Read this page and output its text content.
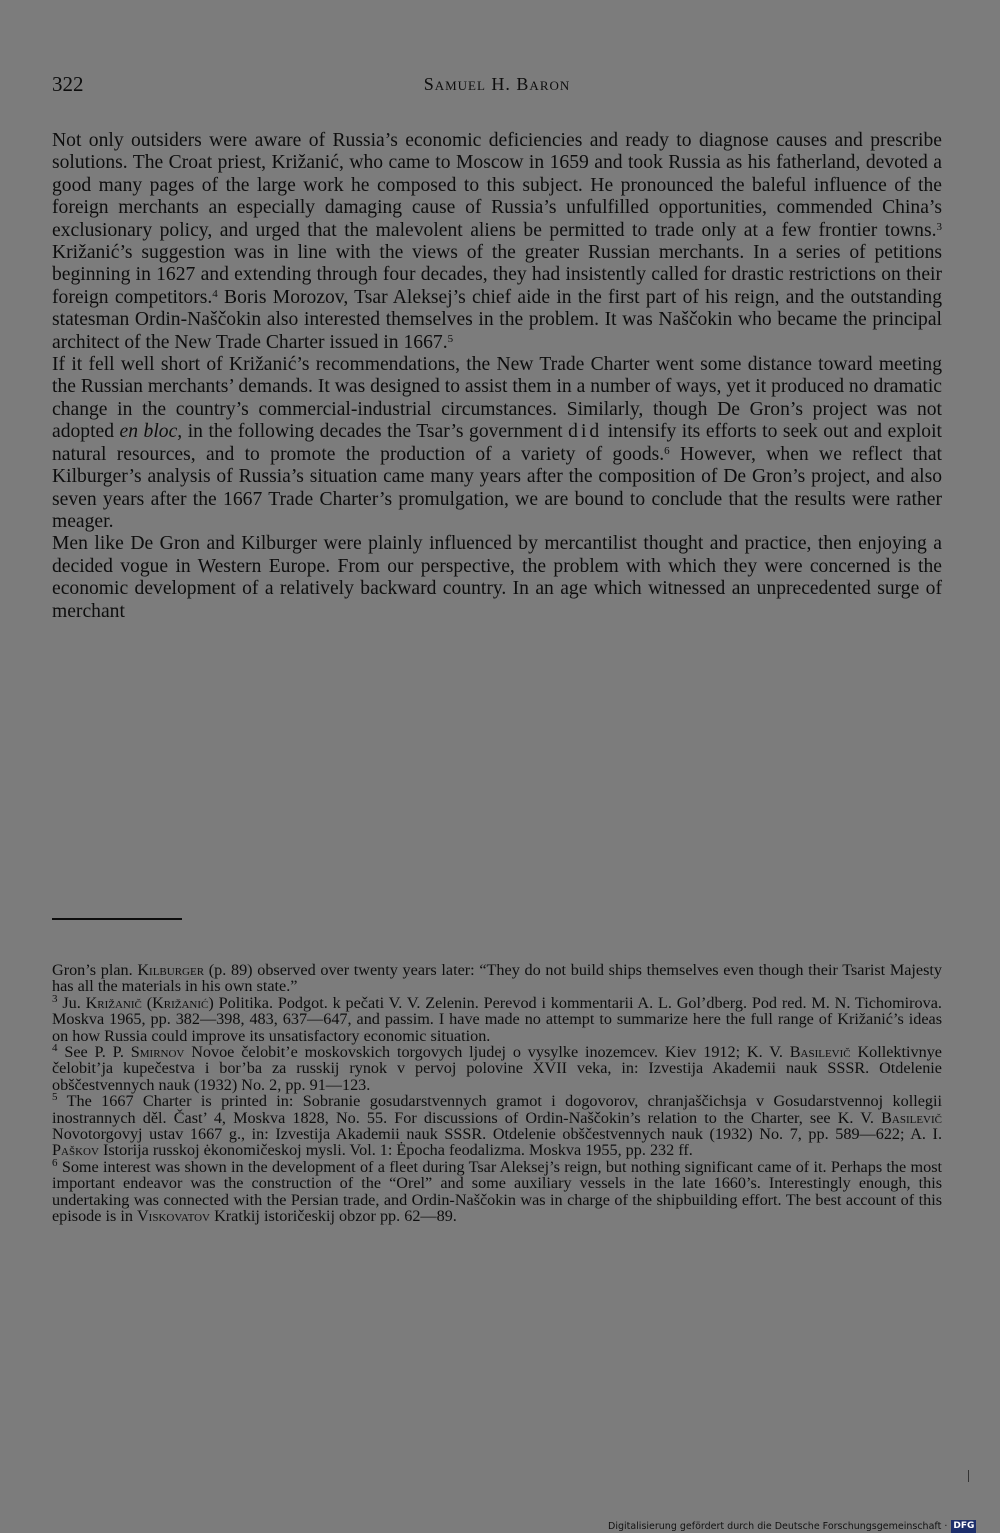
322	Samuel H. Baron

Not only outsiders were aware of Russia’s economic deficiencies and ready to diagnose causes and prescribe solutions. The Croat priest, Križanić, who came to Moscow in 1659 and took Russia as his fatherland, devoted a good many pages of the large work he composed to this subject. He pronounced the baleful influence of the foreign merchants an especially damaging cause of Russia’s unfulfilled opportunities, commended China’s exclusionary policy, and urged that the malevolent aliens be permitted to trade only at a few frontier towns.$^3$ Križanić’s suggestion was in line with the views of the greater Russian merchants. In a series of petitions beginning in 1627 and extending through four decades, they had insistently called for drastic restrictions on their foreign competitors.$^4$ Boris Morozov, Tsar Aleksej’s chief aide in the first part of his reign, and the outstanding statesman Ordin-Naščokin also interested themselves in the problem. It was Naščokin who became the principal architect of the New Trade Charter issued in 1667.$^5$

If it fell well short of Križanić’s recommendations, the New Trade Charter went some distance toward meeting the Russian merchants’ demands. It was designed to assist them in a number of ways, yet it produced no dramatic change in the country’s commercial-industrial circumstances. Similarly, though De Gron’s project was not adopted en bloc, in the following decades the Tsar’s government did intensify its efforts to seek out and exploit natural resources, and to promote the production of a variety of goods.$^6$ However, when we reflect that Kilburger’s analysis of Russia’s situation came many years after the composition of De Gron’s project, and also seven years after the 1667 Trade Charter’s promulgation, we are bound to conclude that the results were rather meager.

Men like De Gron and Kilburger were plainly influenced by mercantilist thought and practice, then enjoying a decided vogue in Western Europe. From our perspective, the problem with which they were concerned is the economic development of a relatively backward country. In an age which witnessed an unprecedented surge of merchant

Gron’s plan. Kilburger (p. 89) observed over twenty years later: “They do not build ships themselves even though their Tsarist Majesty has all the materials in his own state.”

$^3$ Ju. Križanič (Križanić) Politika. Podgot. k pečati V. V. Zelenin. Perevod i kommentarii A. L. Gol’dberg. Pod red. M. N. Tichomirova. Moskva 1965, pp. 382—398, 483, 637—647, and passim. I have made no attempt to summarize here the full range of Križanić’s ideas on how Russia could improve its unsatisfactory economic situation.

$^4$ See P. P. Smirnov Novoe čelobit’e moskovskich torgovych ljudej o vysylke inozemcev. Kiev 1912; K. V. Basilevič Kollektivnye čelobit’ja kupečestva i bor’ba za russkij rynok v pervoj polovine XVII veka, in: Izvestija Akademii nauk SSSR. Otdelenie obščestvennych nauk (1932) No. 2, pp. 91—123.

$^5$ The 1667 Charter is printed in: Sobranie gosudarstvennych gramot i dogovorov, chranjaščichsja v Gosudarstvennoj kollegii inostrannych děl. Čast’ 4, Moskva 1828, No. 55. For discussions of Ordin-Naščokin’s relation to the Charter, see K. V. Basilevič Novotorgovyj ustav 1667 g., in: Izvestija Akademii nauk SSSR. Otdelenie obščestvennych nauk (1932) No. 7, pp. 589—622; A. I. Paškov Istorija russkoj ėkonomičeskoj mysli. Vol. 1: Ėpocha feodalizma. Moskva 1955, pp. 232 ff.

$^6$ Some interest was shown in the development of a fleet during Tsar Aleksej’s reign, but nothing significant came of it. Perhaps the most important endeavor was the construction of the “Orel” and some auxiliary vessels in the late 1660’s. Interestingly enough, this undertaking was connected with the Persian trade, and Ordin-Naščokin was in charge of the shipbuilding effort. The best account of this episode is in Viskovatov Kratkij istoričeskij obzor pp. 62—89.

Digitalisierung gefördert durch die Deutsche Forschungsgemeinschaft · DFG
